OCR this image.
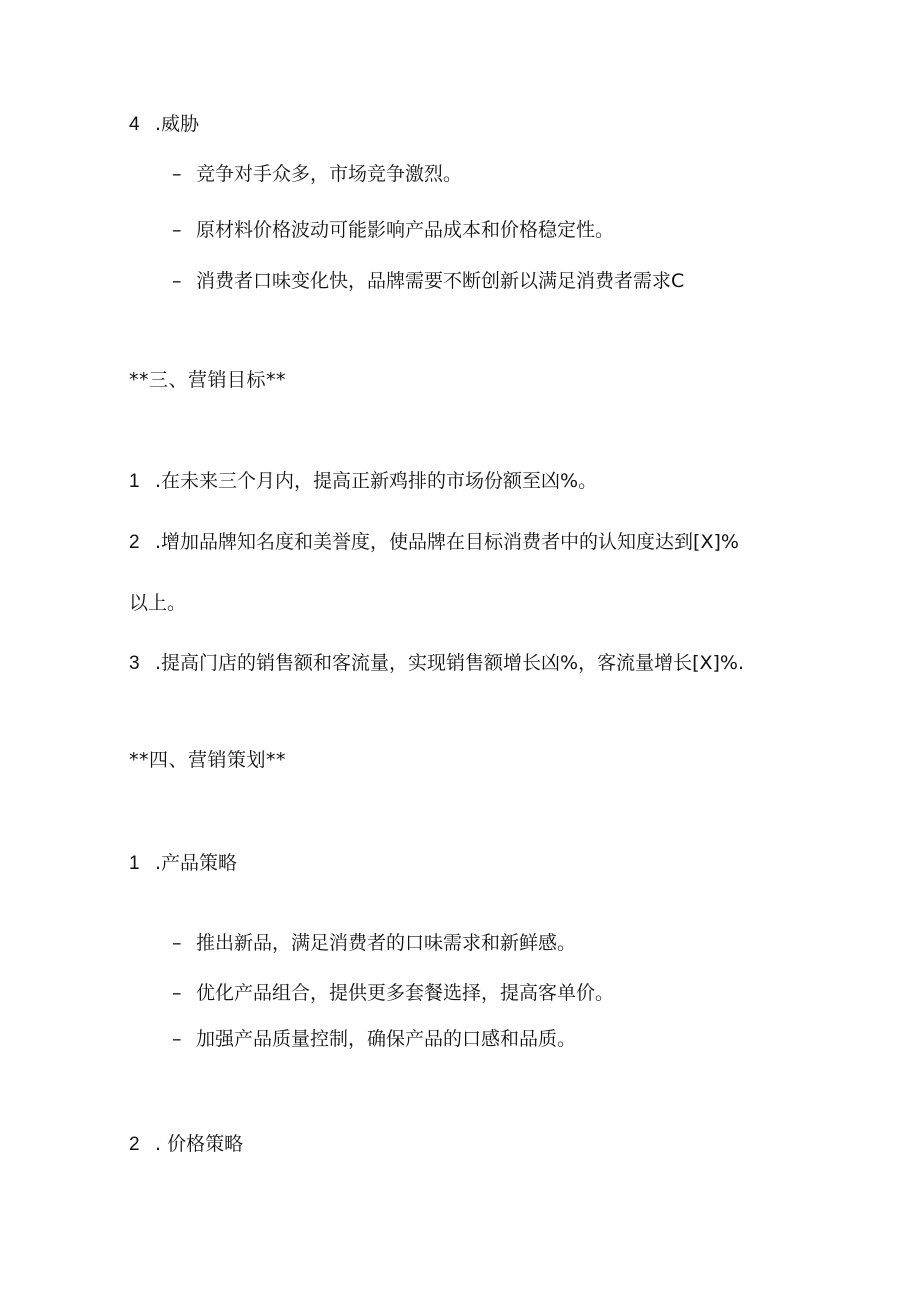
4 .威胁
– 竞争对手众多，市场竞争激烈。
– 原材料价格波动可能影响产品成本和价格稳定性。
– 消费者口味变化快，品牌需要不断创新以满足消费者需求C
**三、营销目标**
1 .在未来三个月内，提高正新鸡排的市场份额至凶%。
2 .增加品牌知名度和美誉度，使品牌在目标消费者中的认知度达到[X]%
以上。
3 .提高门店的销售额和客流量，实现销售额增长凶%，客流量增长[X]%.
**四、营销策划**
1 .产品策略
– 推出新品，满足消费者的口味需求和新鲜感。
– 优化产品组合，提供更多套餐选择，提高客单价。
– 加强产品质量控制，确保产品的口感和品质。
2 . 价格策略
